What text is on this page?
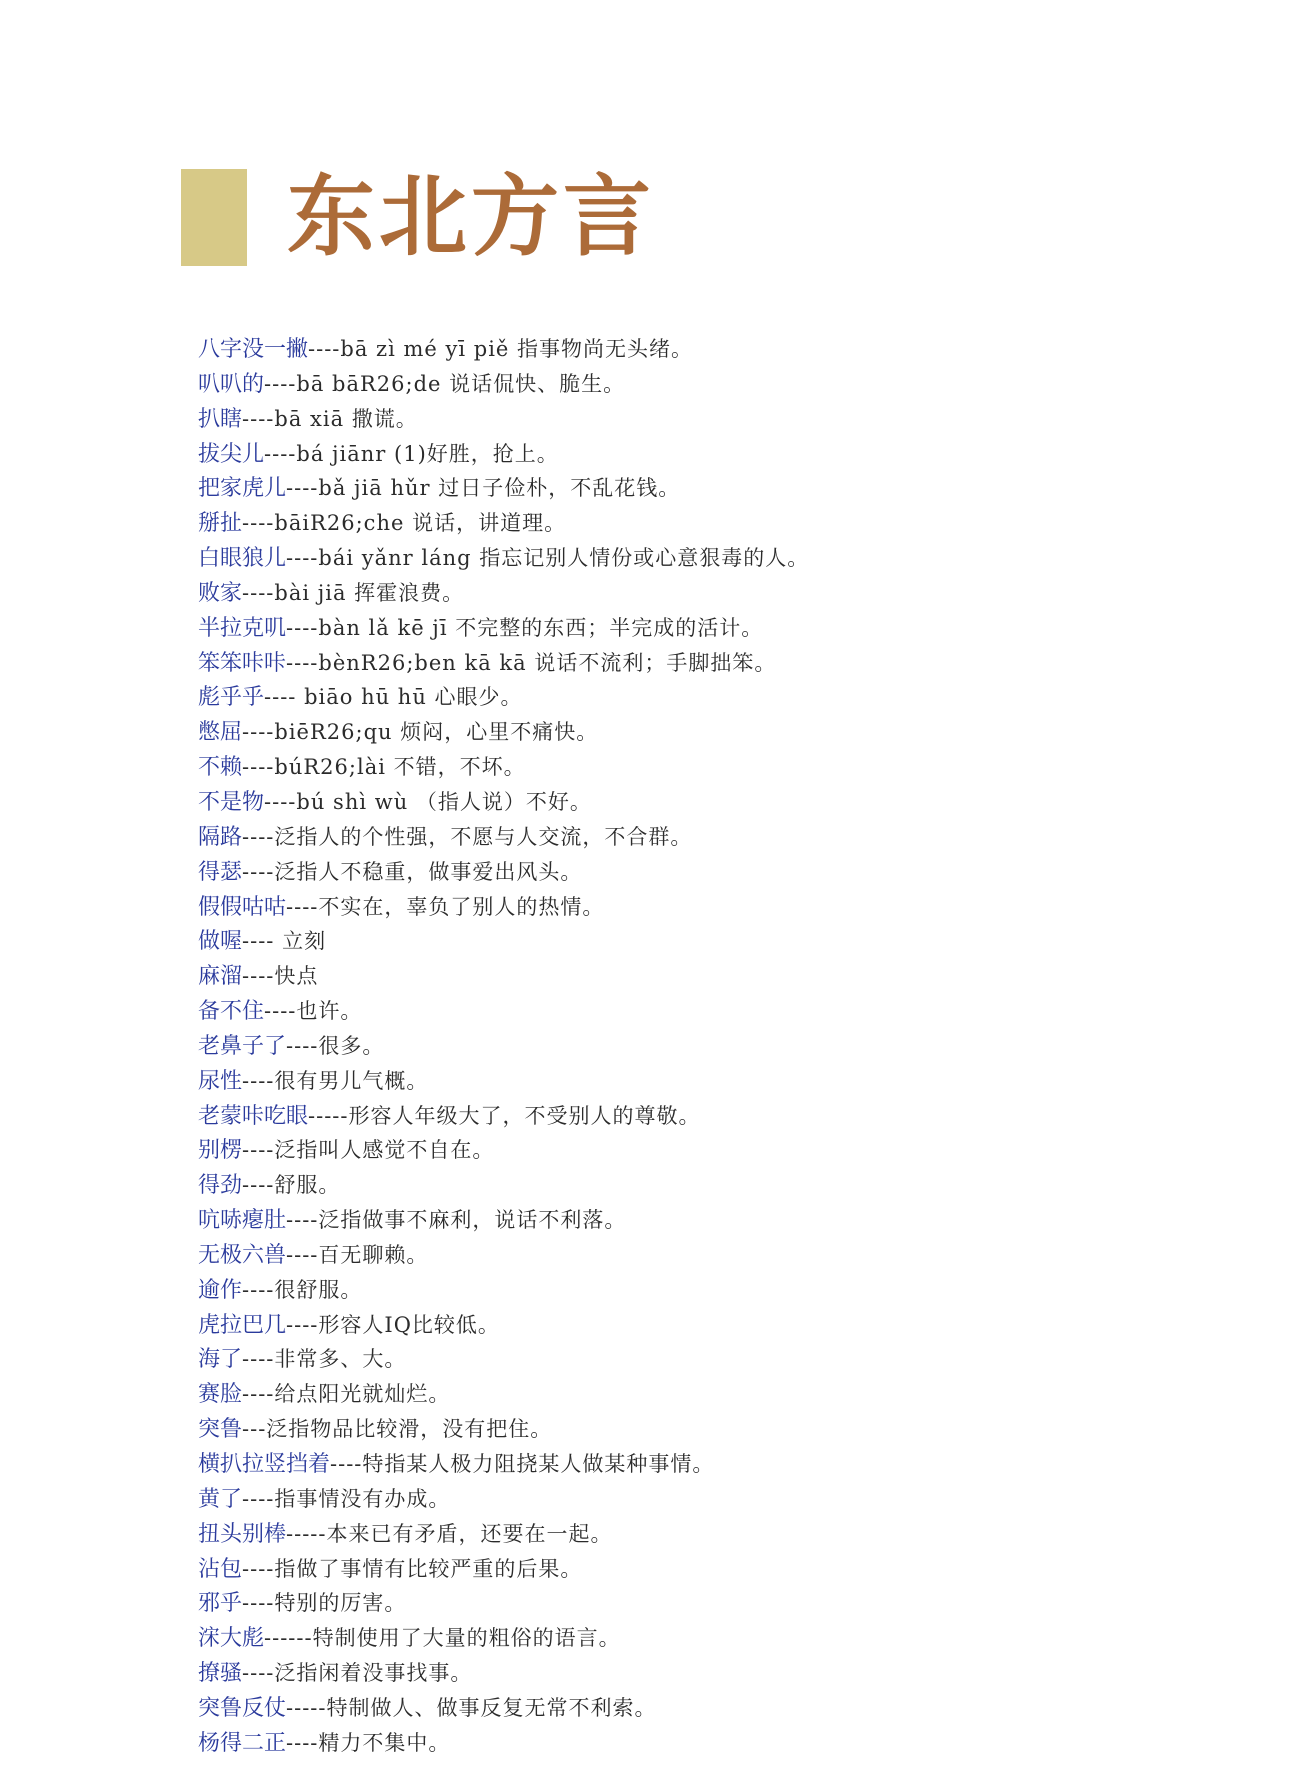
东北方言
八字没一撇----bā zì mé yī piě 指事物尚无头绪。
叭叭的----bā bāR26;de 说话侃快、脆生。
扒瞎----bā xiā 撒谎。
拔尖儿----bá jiānr (1)好胜，抢上。
把家虎儿----bǎ jiā hǔr 过日子俭朴，不乱花钱。
掰扯----bāiR26;che 说话，讲道理。
白眼狼儿----bái yǎnr láng 指忘记别人情份或心意狠毒的人。
败家----bài jiā 挥霍浪费。
半拉克叽----bàn lǎ kē jī 不完整的东西；半完成的活计。
笨笨咔咔----bènR26;ben kā kā 说话不流利；手脚拙笨。
彪乎乎---- biāo hū hū 心眼少。
憋屈----biēR26;qu 烦闷，心里不痛快。
不赖----búR26;lài 不错，不坏。
不是物----bú shì wù （指人说）不好。
隔路----泛指人的个性强，不愿与人交流，不合群。
得瑟----泛指人不稳重，做事爱出风头。
假假咕咕----不实在，辜负了别人的热情。
做喔---- 立刻
麻溜----快点
备不住----也许。
老鼻子了----很多。
尿性----很有男儿气概。
老蒙咔吃眼-----形容人年级大了，不受别人的尊敬。
别楞----泛指叫人感觉不自在。
得劲----舒服。
吭哧瘪肚----泛指做事不麻利，说话不利落。
无极六兽----百无聊赖。
逾作----很舒服。
虎拉巴几----形容人IQ比较低。
海了----非常多、大。
赛脸----给点阳光就灿烂。
突鲁---泛指物品比较滑，没有把住。
横扒拉竖挡着----特指某人极力阻挠某人做某种事情。
黄了----指事情没有办成。
扭头别棒-----本来已有矛盾，还要在一起。
沾包----指做了事情有比较严重的后果。
邪乎----特别的厉害。
浨大彪------特制使用了大量的粗俗的语言。
撩骚----泛指闲着没事找事。
突鲁反仗-----特制做人、做事反复无常不利索。
杨得二正----精力不集中。
